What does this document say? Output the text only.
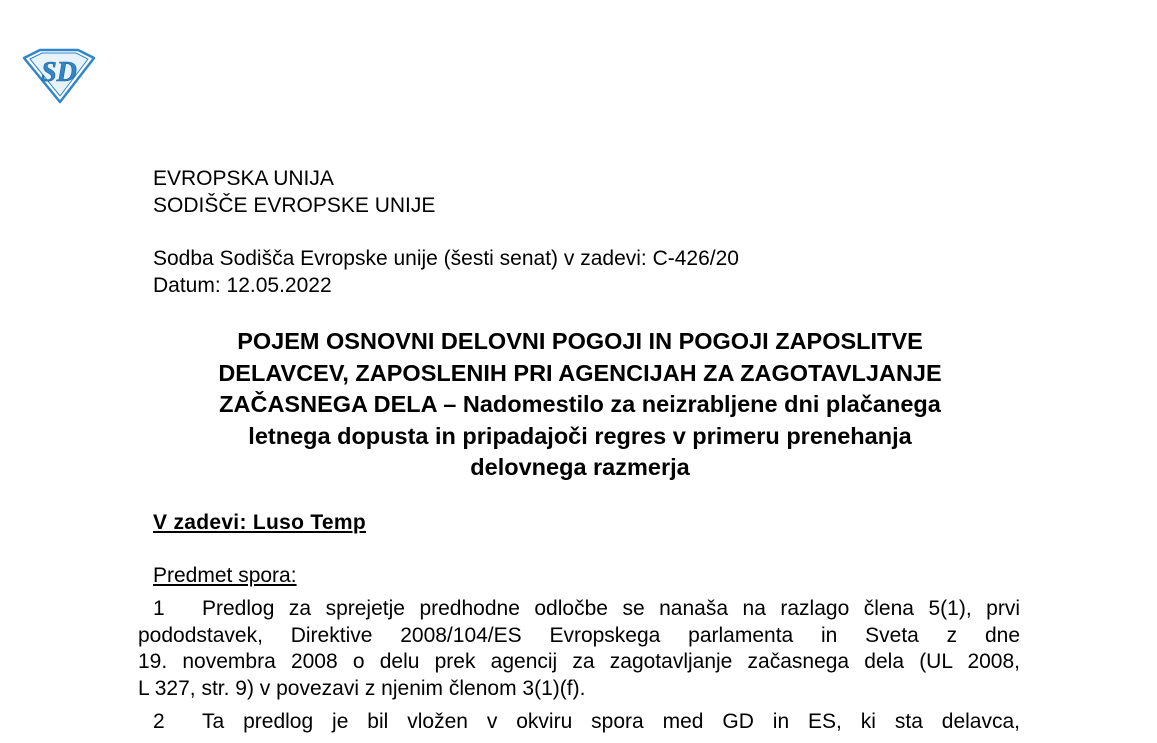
SD
EVROPSKA UNIJA
SODIŠČE EVROPSKE UNIJE
Sodba Sodišča Evropske unije (šesti senat) v zadevi: C-426/20
Datum: 12.05.2022
POJEM OSNOVNI DELOVNI POGOJI IN POGOJI ZAPOSLITVE
DELAVCEV, ZAPOSLENIH PRI AGENCIJAH ZA ZAGOTAVLJANJE
ZAČASNEGA DELA – Nadomestilo za neizrabljene dni plačanega
letnega dopusta in pripadajoči regres v primeru prenehanja
delovnega razmerja
V zadevi: Luso Temp
Predmet spora:
1 Predlog za sprejetje predhodne odločbe se nanaša na razlago člena 5(1), prvi
pododstavek, Direktive 2008/104/ES Evropskega parlamenta in Sveta z dne
19. novembra 2008 o delu prek agencij za zagotavljanje začasnega dela (UL 2008,
L 327, str. 9) v povezavi z njenim členom 3(1)(f).
2 Ta predlog je bil vložen v okviru spora med GD in ES, ki sta delavca,
